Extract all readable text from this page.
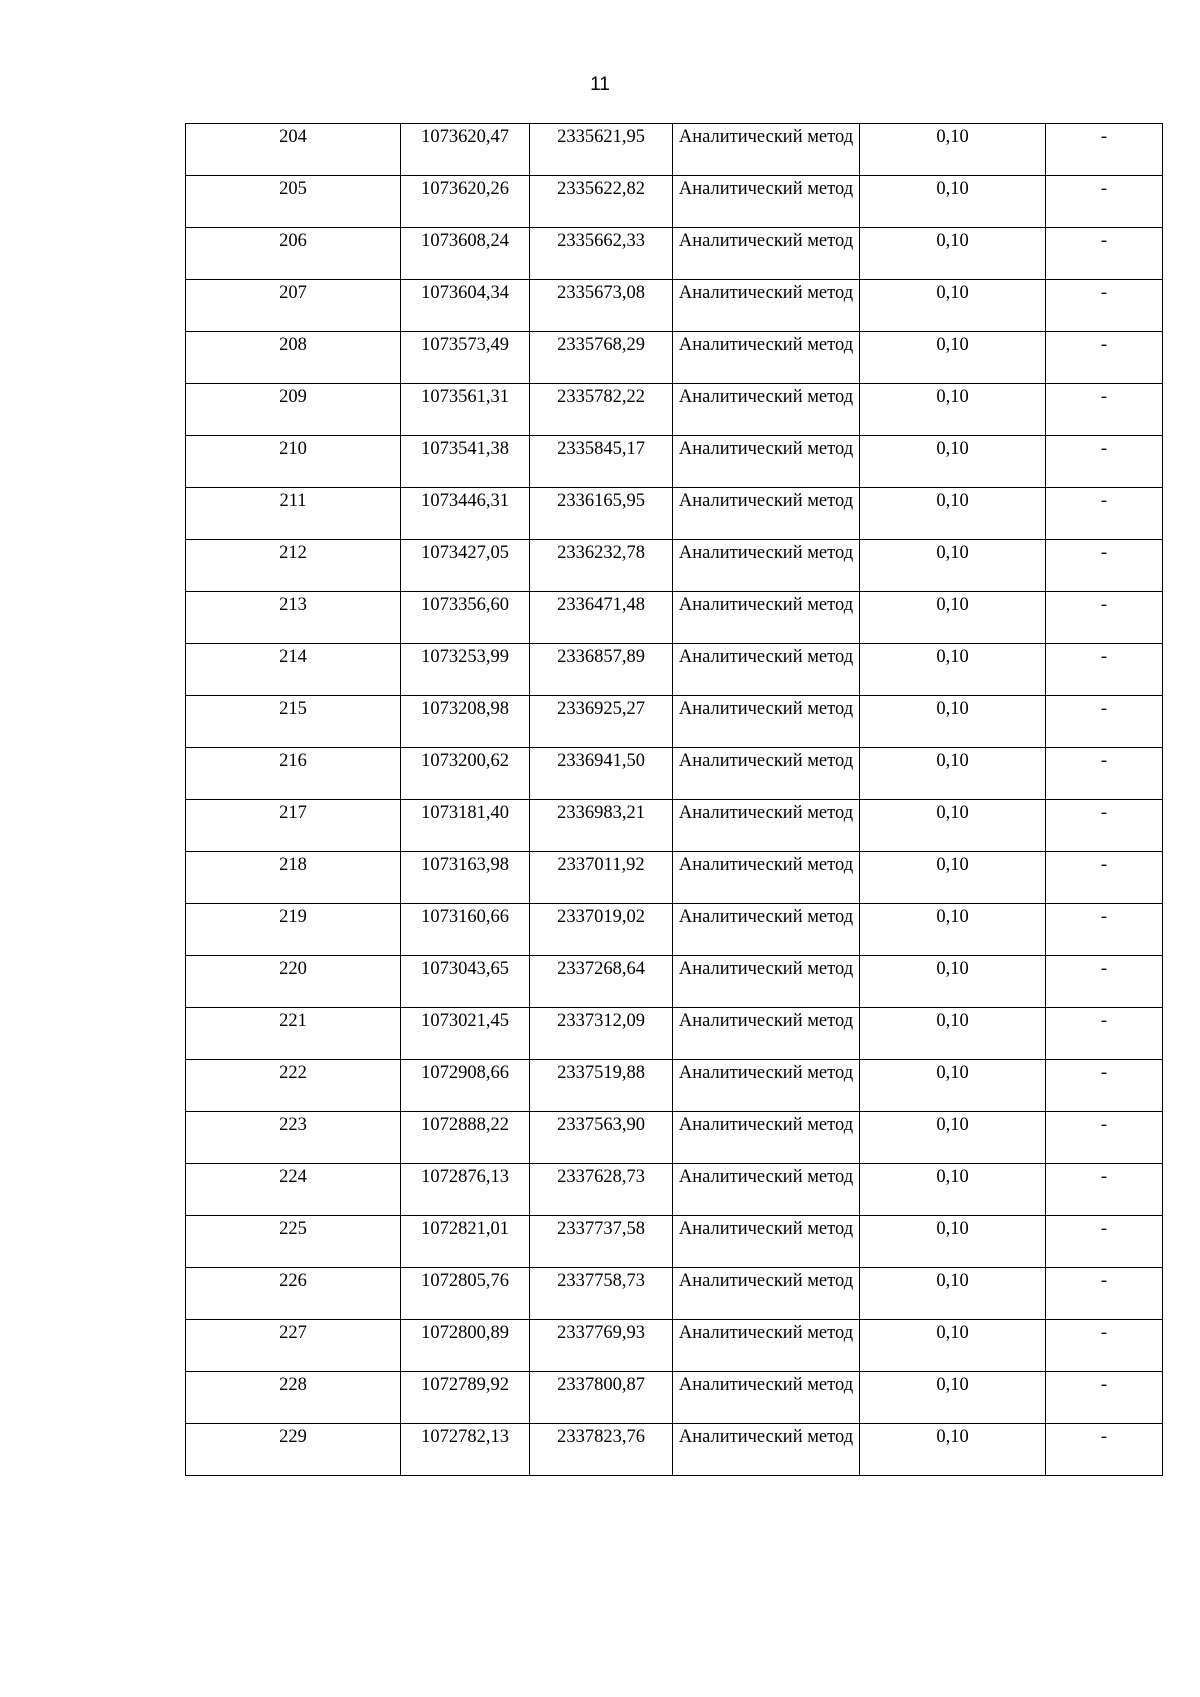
11
204	1073620,47	2335621,95	Аналитический метод	0,10	-

205	1073620,26	2335622,82	Аналитический метод	0,10	-

206	1073608,24	2335662,33	Аналитический метод	0,10	-

207	1073604,34	2335673,08	Аналитический метод	0,10	-

208	1073573,49	2335768,29	Аналитический метод	0,10	-

209	1073561,31	2335782,22	Аналитический метод	0,10	-

210	1073541,38	2335845,17	Аналитический метод	0,10	-

211	1073446,31	2336165,95	Аналитический метод	0,10	-

212	1073427,05	2336232,78	Аналитический метод	0,10	-

213	1073356,60	2336471,48	Аналитический метод	0,10	-

214	1073253,99	2336857,89	Аналитический метод	0,10	-

215	1073208,98	2336925,27	Аналитический метод	0,10	-

216	1073200,62	2336941,50	Аналитический метод	0,10	-

217	1073181,40	2336983,21	Аналитический метод	0,10	-

218	1073163,98	2337011,92	Аналитический метод	0,10	-

219	1073160,66	2337019,02	Аналитический метод	0,10	-

220	1073043,65	2337268,64	Аналитический метод	0,10	-

221	1073021,45	2337312,09	Аналитический метод	0,10	-

222	1072908,66	2337519,88	Аналитический метод	0,10	-

223	1072888,22	2337563,90	Аналитический метод	0,10	-

224	1072876,13	2337628,73	Аналитический метод	0,10	-

225	1072821,01	2337737,58	Аналитический метод	0,10	-

226	1072805,76	2337758,73	Аналитический метод	0,10	-

227	1072800,89	2337769,93	Аналитический метод	0,10	-

228	1072789,92	2337800,87	Аналитический метод	0,10	-

229	1072782,13	2337823,76	Аналитический метод	0,10	-
